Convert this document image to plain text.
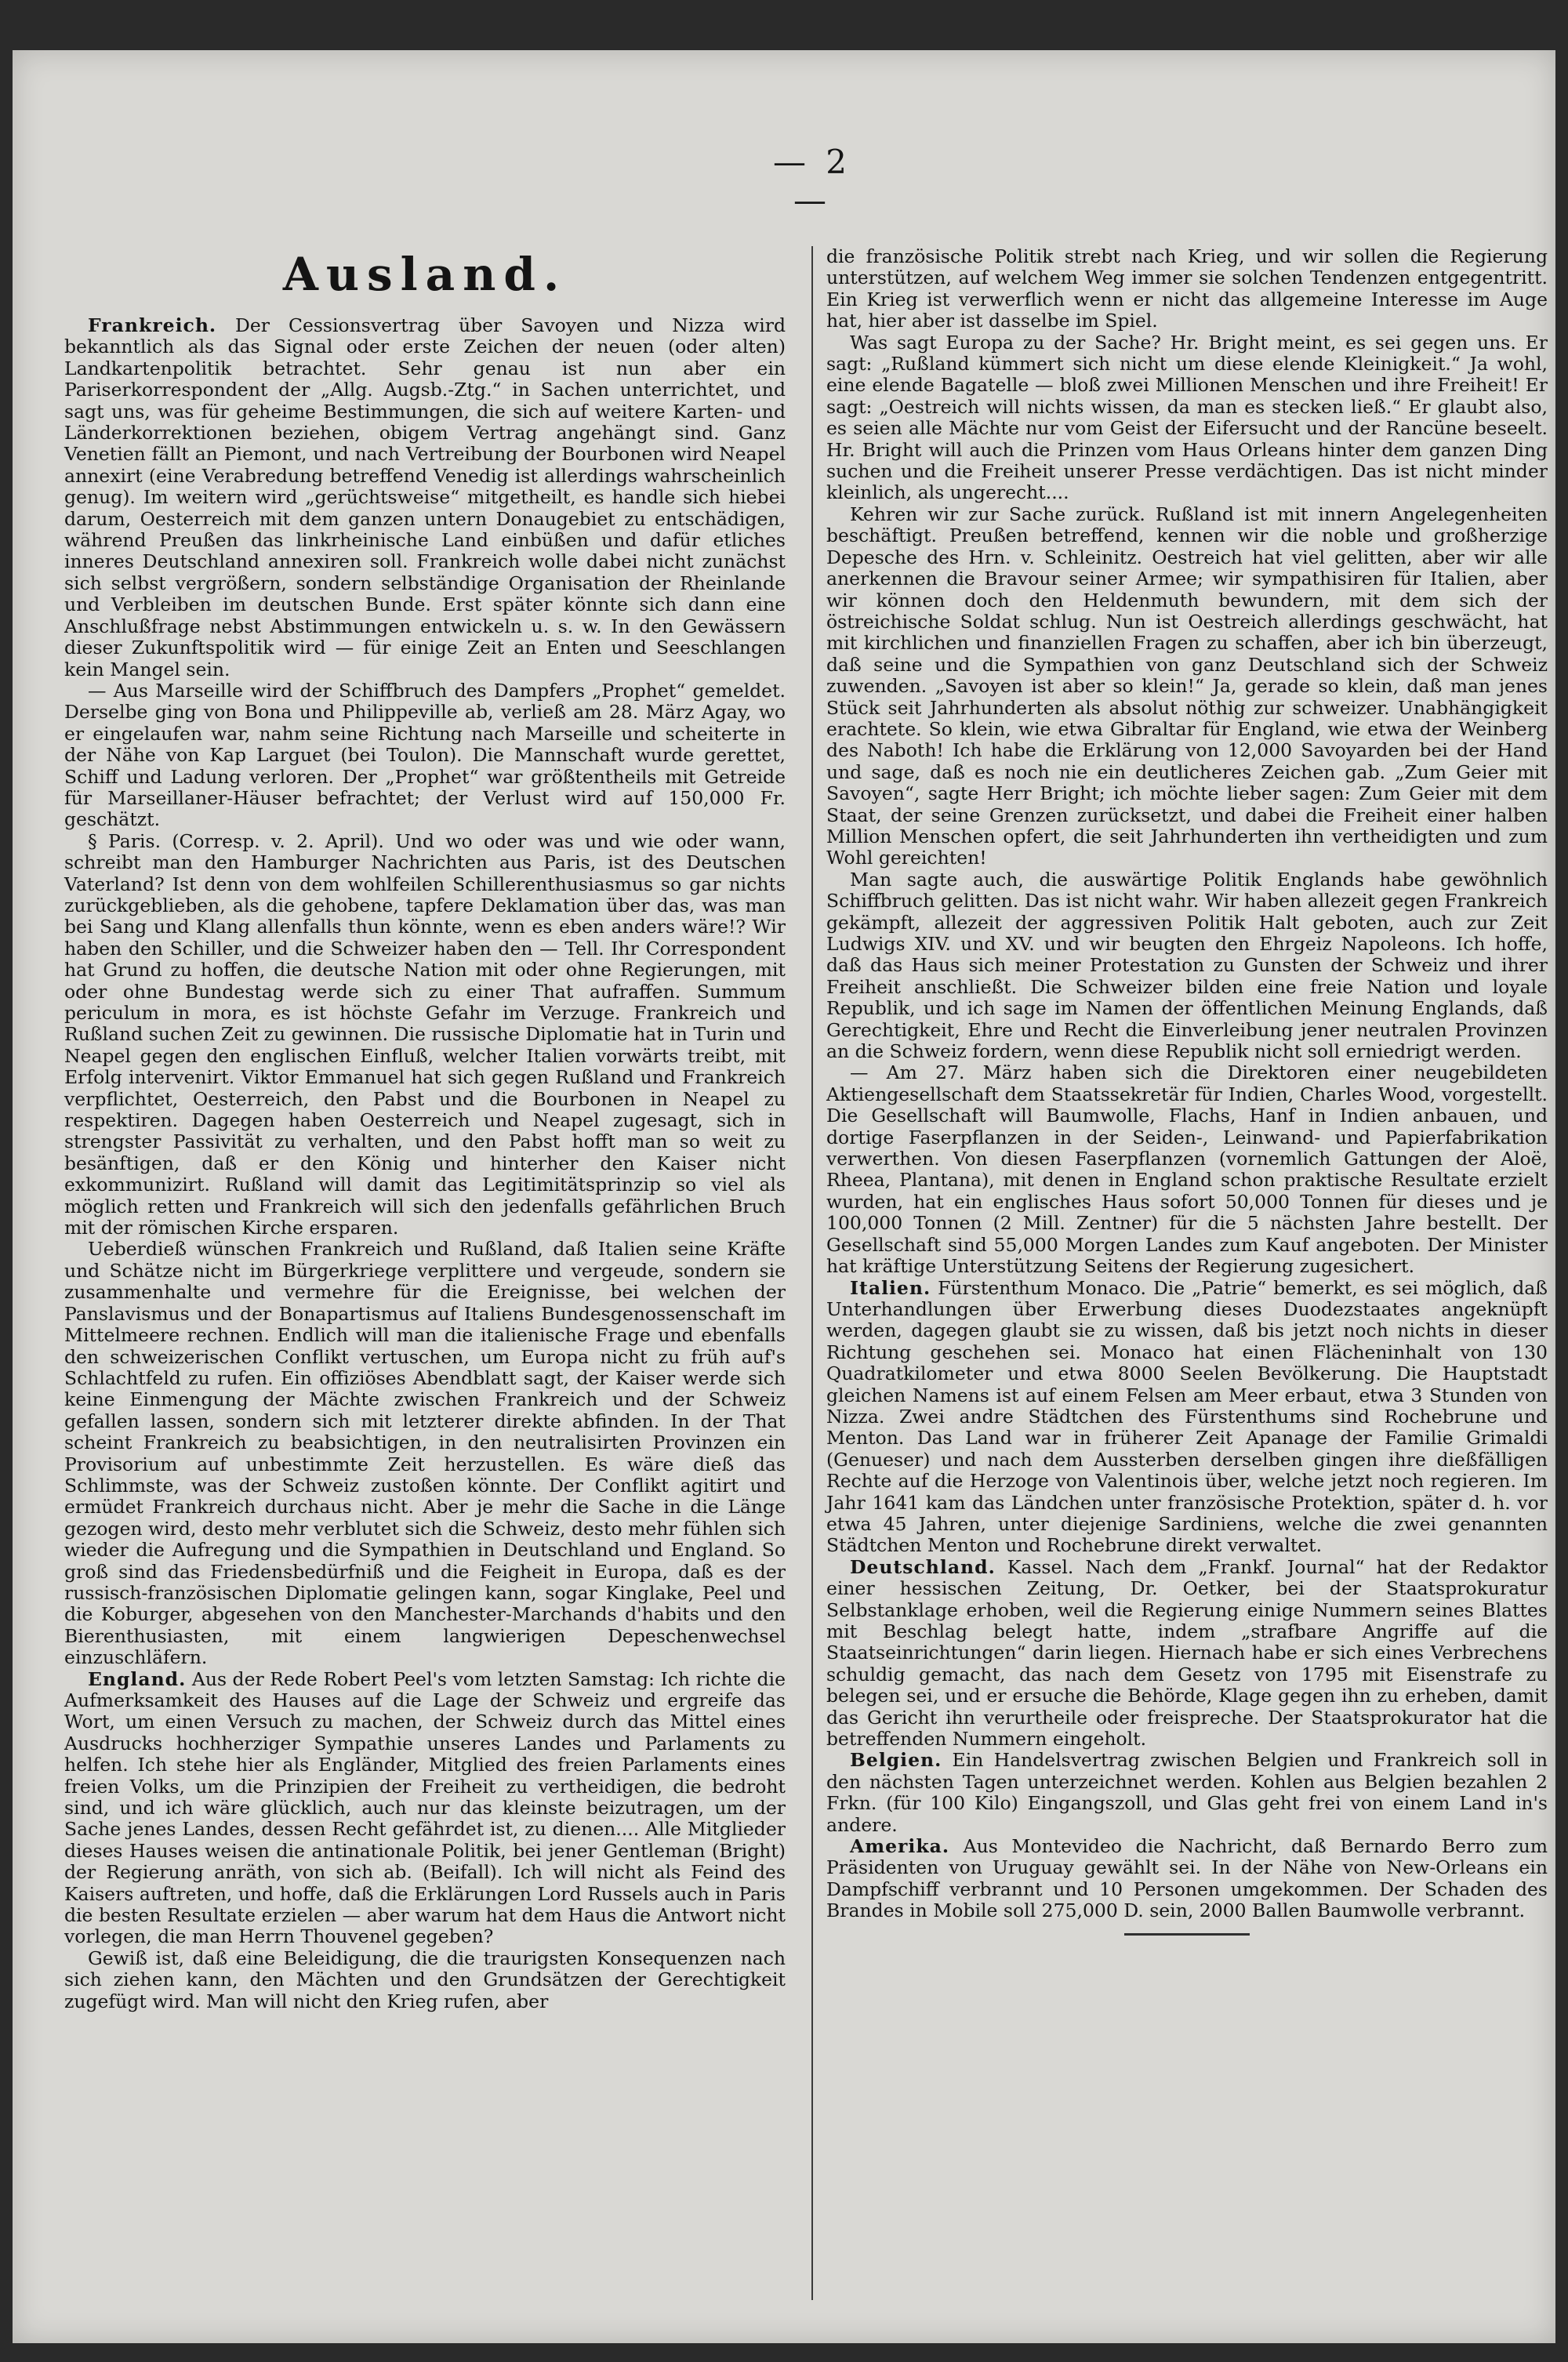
— 2 —
Ausland.

Frankreich. Der Cessionsvertrag über Savoyen und Nizza wird bekanntlich als das Signal oder erste Zeichen der neuen (oder alten) Landkartenpolitik betrachtet. Sehr genau ist nun aber ein Pariserkorrespondent der „Allg. Augsb.-Ztg.“ in Sachen unterrichtet, und sagt uns, was für geheime Bestimmungen, die sich auf weitere Karten- und Länderkorrektionen beziehen, obigem Vertrag angehängt sind. Ganz Venetien fällt an Piemont, und nach Vertreibung der Bourbonen wird Neapel annexirt (eine Verabredung betreffend Venedig ist allerdings wahrscheinlich genug). Im weitern wird „gerüchtsweise“ mitgetheilt, es handle sich hiebei darum, Oesterreich mit dem ganzen untern Donaugebiet zu entschädigen, während Preußen das linkrheinische Land einbüßen und dafür etliches inneres Deutschland annexiren soll. Frankreich wolle dabei nicht zunächst sich selbst vergrößern, sondern selbständige Organisation der Rheinlande und Verbleiben im deutschen Bunde. Erst später könnte sich dann eine Anschlußfrage nebst Abstimmungen entwickeln u. s. w. In den Gewässern dieser Zukunftspolitik wird — für einige Zeit an Enten und Seeschlangen kein Mangel sein.

— Aus Marseille wird der Schiffbruch des Dampfers „Prophet“ gemeldet. Derselbe ging von Bona und Philippeville ab, verließ am 28. März Agay, wo er eingelaufen war, nahm seine Richtung nach Marseille und scheiterte in der Nähe von Kap Larguet (bei Toulon). Die Mannschaft wurde gerettet, Schiff und Ladung verloren. Der „Prophet“ war größtentheils mit Getreide für Marseillaner-Häuser befrachtet; der Verlust wird auf 150,000 Fr. geschätzt.

§ Paris. (Corresp. v. 2. April). Und wo oder was und wie oder wann, schreibt man den Hamburger Nachrichten aus Paris, ist des Deutschen Vaterland? Ist denn von dem wohlfeilen Schillerenthusiasmus so gar nichts zurückgeblieben, als die gehobene, tapfere Deklamation über das, was man bei Sang und Klang allenfalls thun könnte, wenn es eben anders wäre!? Wir haben den Schiller, und die Schweizer haben den — Tell. Ihr Correspondent hat Grund zu hoffen, die deutsche Nation mit oder ohne Regierungen, mit oder ohne Bundestag werde sich zu einer That aufraffen. Summum periculum in mora, es ist höchste Gefahr im Verzuge. Frankreich und Rußland suchen Zeit zu gewinnen. Die russische Diplomatie hat in Turin und Neapel gegen den englischen Einfluß, welcher Italien vorwärts treibt, mit Erfolg intervenirt. Viktor Emmanuel hat sich gegen Rußland und Frankreich verpflichtet, Oesterreich, den Pabst und die Bourbonen in Neapel zu respektiren. Dagegen haben Oesterreich und Neapel zugesagt, sich in strengster Passivität zu verhalten, und den Pabst hofft man so weit zu besänftigen, daß er den König und hinterher den Kaiser nicht exkommunizirt. Rußland will damit das Legitimitätsprinzip so viel als möglich retten und Frankreich will sich den jedenfalls gefährlichen Bruch mit der römischen Kirche ersparen.

Ueberdieß wünschen Frankreich und Rußland, daß Italien seine Kräfte und Schätze nicht im Bürgerkriege verplittere und vergeude, sondern sie zusammenhalte und vermehre für die Ereignisse, bei welchen der Panslavismus und der Bonapartismus auf Italiens Bundesgenossenschaft im Mittelmeere rechnen. Endlich will man die italienische Frage und ebenfalls den schweizerischen Conflikt vertuschen, um Europa nicht zu früh auf's Schlachtfeld zu rufen. Ein offiziöses Abendblatt sagt, der Kaiser werde sich keine Einmengung der Mächte zwischen Frankreich und der Schweiz gefallen lassen, sondern sich mit letzterer direkte abfinden. In der That scheint Frankreich zu beabsichtigen, in den neutralisirten Provinzen ein Provisorium auf unbestimmte Zeit herzustellen. Es wäre dieß das Schlimmste, was der Schweiz zustoßen könnte. Der Conflikt agitirt und ermüdet Frankreich durchaus nicht. Aber je mehr die Sache in die Länge gezogen wird, desto mehr verblutet sich die Schweiz, desto mehr fühlen sich wieder die Aufregung und die Sympathien in Deutschland und England. So groß sind das Friedensbedürfniß und die Feigheit in Europa, daß es der russisch-französischen Diplomatie gelingen kann, sogar Kinglake, Peel und die Koburger, abgesehen von den Manchester-Marchands d'habits und den Bierenthusiasten, mit einem langwierigen Depeschenwechsel einzuschläfern.

England. Aus der Rede Robert Peel's vom letzten Samstag: Ich richte die Aufmerksamkeit des Hauses auf die Lage der Schweiz und ergreife das Wort, um einen Versuch zu machen, der Schweiz durch das Mittel eines Ausdrucks hochherziger Sympathie unseres Landes und Parlaments zu helfen. Ich stehe hier als Engländer, Mitglied des freien Parlaments eines freien Volks, um die Prinzipien der Freiheit zu vertheidigen, die bedroht sind, und ich wäre glücklich, auch nur das kleinste beizutragen, um der Sache jenes Landes, dessen Recht gefährdet ist, zu dienen.... Alle Mitglieder dieses Hauses weisen die antinationale Politik, bei jener Gentleman (Bright) der Regierung anräth, von sich ab. (Beifall). Ich will nicht als Feind des Kaisers auftreten, und hoffe, daß die Erklärungen Lord Russels auch in Paris die besten Resultate erzielen — aber warum hat dem Haus die Antwort nicht vorlegen, die man Herrn Thouvenel gegeben?

Gewiß ist, daß eine Beleidigung, die die traurigsten Konsequenzen nach sich ziehen kann, den Mächten und den Grundsätzen der Gerechtigkeit zugefügt wird. Man will nicht den Krieg rufen, aber

die französische Politik strebt nach Krieg, und wir sollen die Regierung unterstützen, auf welchem Weg immer sie solchen Tendenzen entgegentritt. Ein Krieg ist verwerflich wenn er nicht das allgemeine Interesse im Auge hat, hier aber ist dasselbe im Spiel.

Was sagt Europa zu der Sache? Hr. Bright meint, es sei gegen uns. Er sagt: „Rußland kümmert sich nicht um diese elende Kleinigkeit.“ Ja wohl, eine elende Bagatelle — bloß zwei Millionen Menschen und ihre Freiheit! Er sagt: „Oestreich will nichts wissen, da man es stecken ließ.“ Er glaubt also, es seien alle Mächte nur vom Geist der Eifersucht und der Rancüne beseelt. Hr. Bright will auch die Prinzen vom Haus Orleans hinter dem ganzen Ding suchen und die Freiheit unserer Presse verdächtigen. Das ist nicht minder kleinlich, als ungerecht....

Kehren wir zur Sache zurück. Rußland ist mit innern Angelegenheiten beschäftigt. Preußen betreffend, kennen wir die noble und großherzige Depesche des Hrn. v. Schleinitz. Oestreich hat viel gelitten, aber wir alle anerkennen die Bravour seiner Armee; wir sympathisiren für Italien, aber wir können doch den Heldenmuth bewundern, mit dem sich der östreichische Soldat schlug. Nun ist Oestreich allerdings geschwächt, hat mit kirchlichen und finanziellen Fragen zu schaffen, aber ich bin überzeugt, daß seine und die Sympathien von ganz Deutschland sich der Schweiz zuwenden. „Savoyen ist aber so klein!“ Ja, gerade so klein, daß man jenes Stück seit Jahrhunderten als absolut nöthig zur schweizer. Unabhängigkeit erachtete. So klein, wie etwa Gibraltar für England, wie etwa der Weinberg des Naboth! Ich habe die Erklärung von 12,000 Savoyarden bei der Hand und sage, daß es noch nie ein deutlicheres Zeichen gab. „Zum Geier mit Savoyen“, sagte Herr Bright; ich möchte lieber sagen: Zum Geier mit dem Staat, der seine Grenzen zurücksetzt, und dabei die Freiheit einer halben Million Menschen opfert, die seit Jahrhunderten ihn vertheidigten und zum Wohl gereichten!

Man sagte auch, die auswärtige Politik Englands habe gewöhnlich Schiffbruch gelitten. Das ist nicht wahr. Wir haben allezeit gegen Frankreich gekämpft, allezeit der aggressiven Politik Halt geboten, auch zur Zeit Ludwigs XIV. und XV. und wir beugten den Ehrgeiz Napoleons. Ich hoffe, daß das Haus sich meiner Protestation zu Gunsten der Schweiz und ihrer Freiheit anschließt. Die Schweizer bilden eine freie Nation und loyale Republik, und ich sage im Namen der öffentlichen Meinung Englands, daß Gerechtigkeit, Ehre und Recht die Einverleibung jener neutralen Provinzen an die Schweiz fordern, wenn diese Republik nicht soll erniedrigt werden.

— Am 27. März haben sich die Direktoren einer neugebildeten Aktiengesellschaft dem Staatssekretär für Indien, Charles Wood, vorgestellt. Die Gesellschaft will Baumwolle, Flachs, Hanf in Indien anbauen, und dortige Faserpflanzen in der Seiden-, Leinwand- und Papierfabrikation verwerthen. Von diesen Faserpflanzen (vornemlich Gattungen der Aloë, Rheea, Plantana), mit denen in England schon praktische Resultate erzielt wurden, hat ein englisches Haus sofort 50,000 Tonnen für dieses und je 100,000 Tonnen (2 Mill. Zentner) für die 5 nächsten Jahre bestellt. Der Gesellschaft sind 55,000 Morgen Landes zum Kauf angeboten. Der Minister hat kräftige Unterstützung Seitens der Regierung zugesichert.

Italien. Fürstenthum Monaco. Die „Patrie“ bemerkt, es sei möglich, daß Unterhandlungen über Erwerbung dieses Duodezstaates angeknüpft werden, dagegen glaubt sie zu wissen, daß bis jetzt noch nichts in dieser Richtung geschehen sei. Monaco hat einen Flächeninhalt von 130 Quadratkilometer und etwa 8000 Seelen Bevölkerung. Die Hauptstadt gleichen Namens ist auf einem Felsen am Meer erbaut, etwa 3 Stunden von Nizza. Zwei andre Städtchen des Fürstenthums sind Rochebrune und Menton. Das Land war in früherer Zeit Apanage der Familie Grimaldi (Genueser) und nach dem Aussterben derselben gingen ihre dießfälligen Rechte auf die Herzoge von Valentinois über, welche jetzt noch regieren. Im Jahr 1641 kam das Ländchen unter französische Protektion, später d. h. vor etwa 45 Jahren, unter diejenige Sardiniens, welche die zwei genannten Städtchen Menton und Rochebrune direkt verwaltet.

Deutschland. Kassel. Nach dem „Frankf. Journal“ hat der Redaktor einer hessischen Zeitung, Dr. Oetker, bei der Staatsprokuratur Selbstanklage erhoben, weil die Regierung einige Nummern seines Blattes mit Beschlag belegt hatte, indem „strafbare Angriffe auf die Staatseinrichtungen“ darin liegen. Hiernach habe er sich eines Verbrechens schuldig gemacht, das nach dem Gesetz von 1795 mit Eisenstrafe zu belegen sei, und er ersuche die Behörde, Klage gegen ihn zu erheben, damit das Gericht ihn verurtheile oder freispreche. Der Staatsprokurator hat die betreffenden Nummern eingeholt.

Belgien. Ein Handelsvertrag zwischen Belgien und Frankreich soll in den nächsten Tagen unterzeichnet werden. Kohlen aus Belgien bezahlen 2 Frkn. (für 100 Kilo) Eingangszoll, und Glas geht frei von einem Land in's andere.

Amerika. Aus Montevideo die Nachricht, daß Bernardo Berro zum Präsidenten von Uruguay gewählt sei. In der Nähe von New-Orleans ein Dampfschiff verbrannt und 10 Personen umgekommen. Der Schaden des Brandes in Mobile soll 275,000 D. sein, 2000 Ballen Baumwolle verbrannt.
